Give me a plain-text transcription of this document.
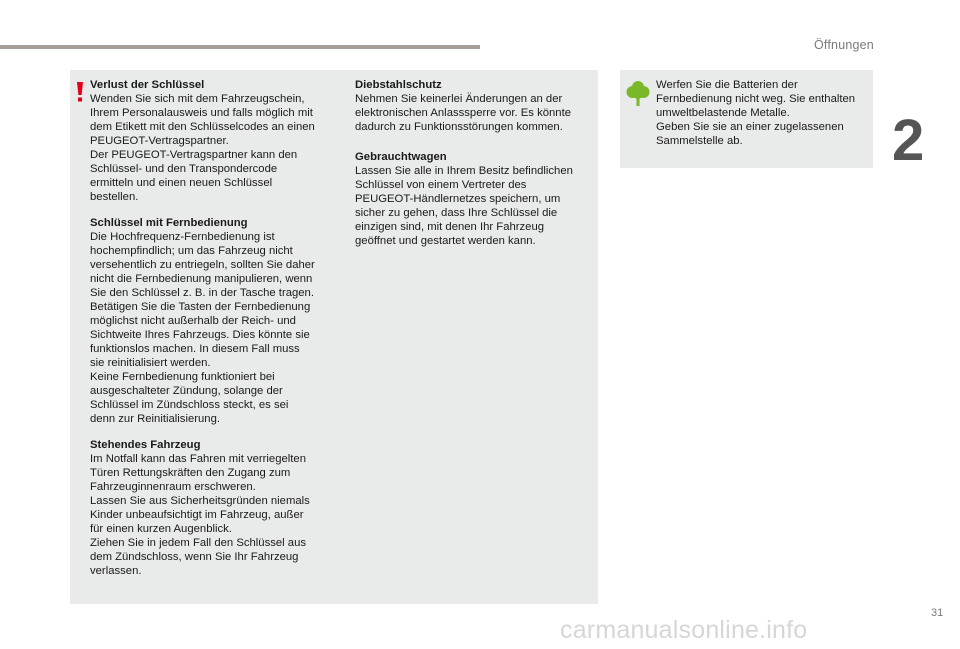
Öffnungen
2
Verlust der Schlüssel
Wenden Sie sich mit dem Fahrzeugschein,
Ihrem Personalausweis und falls möglich mit
dem Etikett mit den Schlüsselcodes an einen
PEUGEOT-Vertragspartner.
Der PEUGEOT-Vertragspartner kann den
Schlüssel- und den Transpondercode
ermitteln und einen neuen Schlüssel
bestellen.
Schlüssel mit Fernbedienung
Die Hochfrequenz-Fernbedienung ist
hochempfindlich; um das Fahrzeug nicht
versehentlich zu entriegeln, sollten Sie daher
nicht die Fernbedienung manipulieren, wenn
Sie den Schlüssel z. B. in der Tasche tragen.
Betätigen Sie die Tasten der Fernbedienung
möglichst nicht außerhalb der Reich- und
Sichtweite Ihres Fahrzeugs. Dies könnte sie
funktionslos machen. In diesem Fall muss
sie reinitialisiert werden.
Keine Fernbedienung funktioniert bei
ausgeschalteter Zündung, solange der
Schlüssel im Zündschloss steckt, es sei
denn zur Reinitialisierung.
Stehendes Fahrzeug
Im Notfall kann das Fahren mit verriegelten
Türen Rettungskräften den Zugang zum
Fahrzeuginnenraum erschweren.
Lassen Sie aus Sicherheitsgründen niemals
Kinder unbeaufsichtigt im Fahrzeug, außer
für einen kurzen Augenblick.
Ziehen Sie in jedem Fall den Schlüssel aus
dem Zündschloss, wenn Sie Ihr Fahrzeug
verlassen.
Diebstahlschutz
Nehmen Sie keinerlei Änderungen an der
elektronischen Anlasssperre vor. Es könnte
dadurch zu Funktionsstörungen kommen.
Gebrauchtwagen
Lassen Sie alle in Ihrem Besitz befindlichen
Schlüssel von einem Vertreter des
PEUGEOT-Händlernetzes speichern, um
sicher zu gehen, dass Ihre Schlüssel die
einzigen sind, mit denen Ihr Fahrzeug
geöffnet und gestartet werden kann.
Werfen Sie die Batterien der
Fernbedienung nicht weg. Sie enthalten
umweltbelastende Metalle.
Geben Sie sie an einer zugelassenen
Sammelstelle ab.
31
carmanualsonline.info
